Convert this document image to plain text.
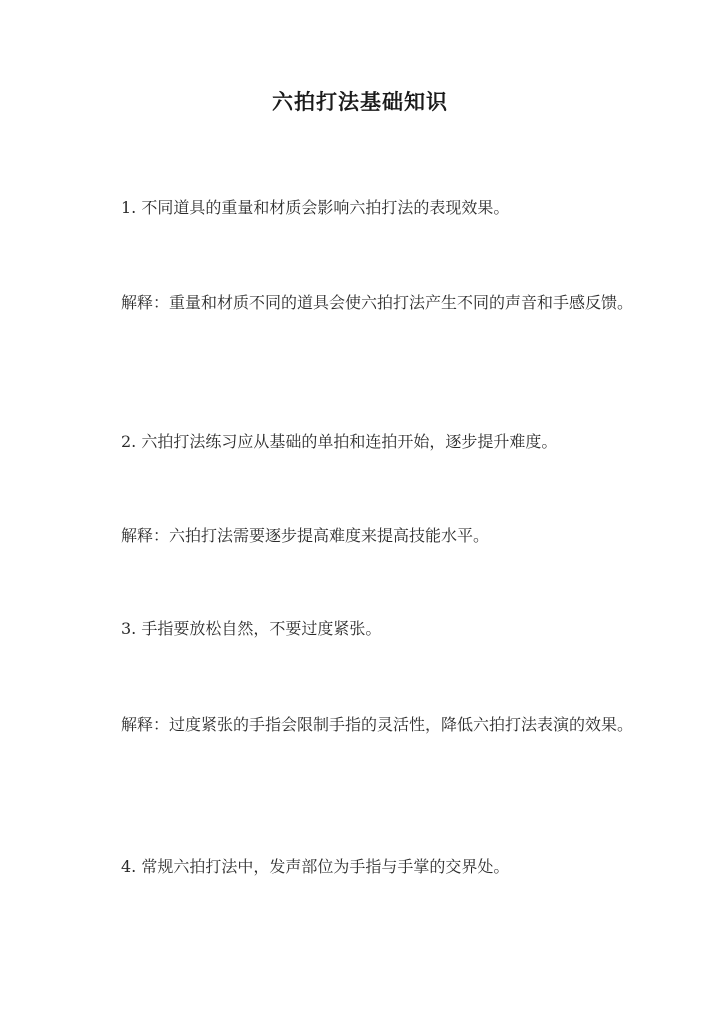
六拍打法基础知识

1. 不同道具的重量和材质会影响六拍打法的表现效果。

解释：重量和材质不同的道具会使六拍打法产生不同的声音和手感反馈。

2. 六拍打法练习应从基础的单拍和连拍开始，逐步提升难度。

解释：六拍打法需要逐步提高难度来提高技能水平。

3. 手指要放松自然，不要过度紧张。

解释：过度紧张的手指会限制手指的灵活性，降低六拍打法表演的效果。

4. 常规六拍打法中，发声部位为手指与手掌的交界处。
